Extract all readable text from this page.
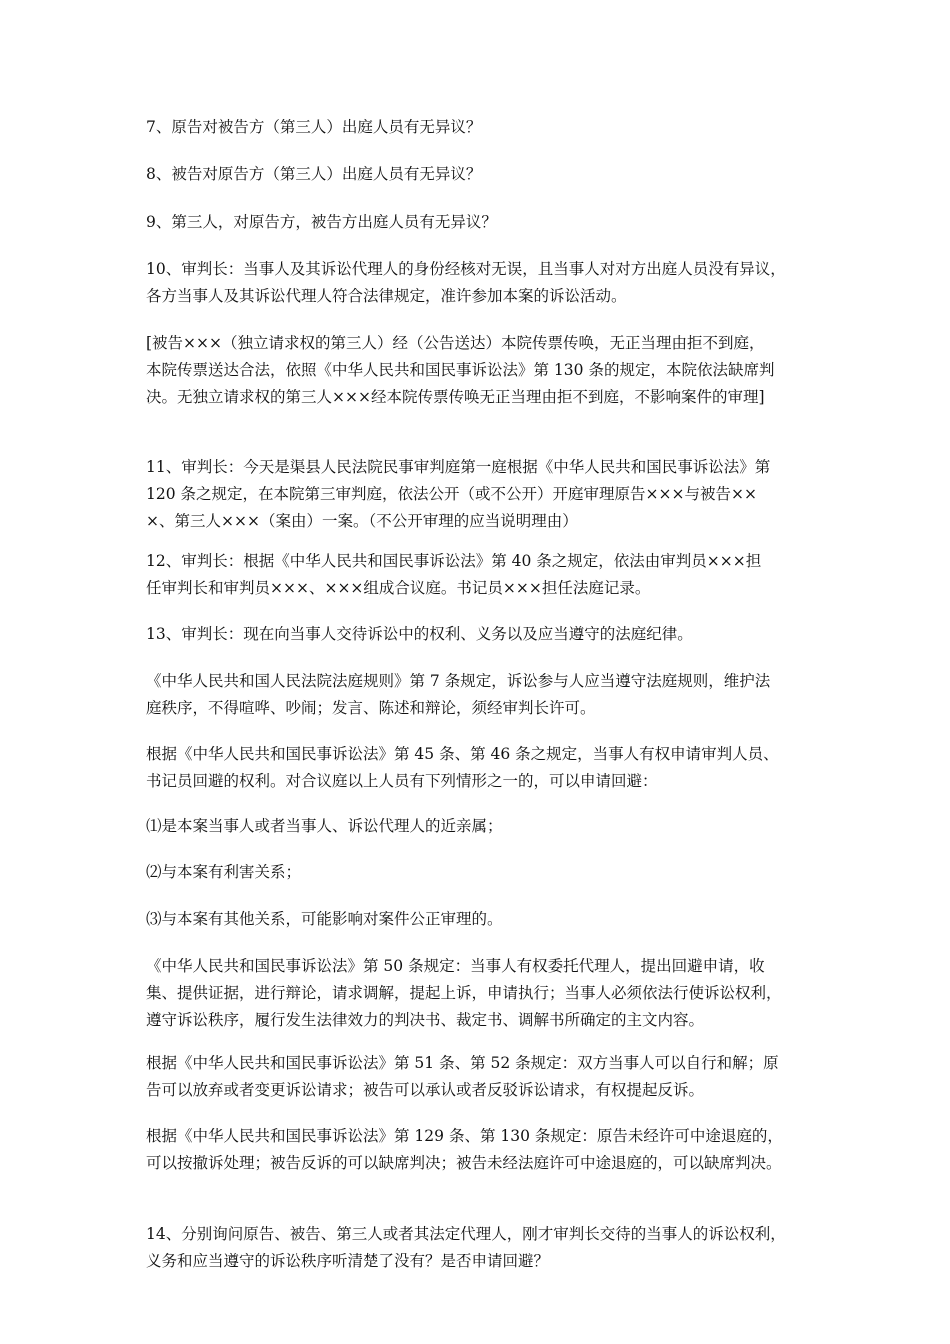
7、原告对被告方（第三人）出庭人员有无异议？

8、被告对原告方（第三人）出庭人员有无异议？

9、第三人，对原告方，被告方出庭人员有无异议？

10、审判长：当事人及其诉讼代理人的身份经核对无误，且当事人对对方出庭人员没有异议，
各方当事人及其诉讼代理人符合法律规定，准许参加本案的诉讼活动。

[被告×××（独立请求权的第三人）经（公告送达）本院传票传唤，无正当理由拒不到庭，
本院传票送达合法，依照《中华人民共和国民事诉讼法》第 130 条的规定，本院依法缺席判
决。无独立请求权的第三人×××经本院传票传唤无正当理由拒不到庭，不影响案件的审理]

11、审判长：今天是渠县人民法院民事审判庭第一庭根据《中华人民共和国民事诉讼法》第
120 条之规定，在本院第三审判庭，依法公开（或不公开）开庭审理原告×××与被告××
×、第三人×××（案由）一案。（不公开审理的应当说明理由）

12、审判长：根据《中华人民共和国民事诉讼法》第 40 条之规定，依法由审判员×××担
任审判长和审判员×××、×××组成合议庭。书记员×××担任法庭记录。

13、审判长：现在向当事人交待诉讼中的权利、义务以及应当遵守的法庭纪律。

《中华人民共和国人民法院法庭规则》第 7 条规定，诉讼参与人应当遵守法庭规则，维护法
庭秩序，不得喧哗、吵闹；发言、陈述和辩论，须经审判长许可。

根据《中华人民共和国民事诉讼法》第 45 条、第 46 条之规定，当事人有权申请审判人员、
书记员回避的权利。对合议庭以上人员有下列情形之一的，可以申请回避：

⑴是本案当事人或者当事人、诉讼代理人的近亲属；

⑵与本案有利害关系；

⑶与本案有其他关系，可能影响对案件公正审理的。

《中华人民共和国民事诉讼法》第 50 条规定：当事人有权委托代理人，提出回避申请，收
集、提供证据，进行辩论，请求调解，提起上诉，申请执行；当事人必须依法行使诉讼权利，
遵守诉讼秩序，履行发生法律效力的判决书、裁定书、调解书所确定的主文内容。

根据《中华人民共和国民事诉讼法》第 51 条、第 52 条规定：双方当事人可以自行和解；原
告可以放弃或者变更诉讼请求；被告可以承认或者反驳诉讼请求，有权提起反诉。

根据《中华人民共和国民事诉讼法》第 129 条、第 130 条规定：原告未经许可中途退庭的，
可以按撤诉处理；被告反诉的可以缺席判决；被告未经法庭许可中途退庭的，可以缺席判决。

14、分别询问原告、被告、第三人或者其法定代理人，刚才审判长交待的当事人的诉讼权利，
义务和应当遵守的诉讼秩序听清楚了没有？是否申请回避？
